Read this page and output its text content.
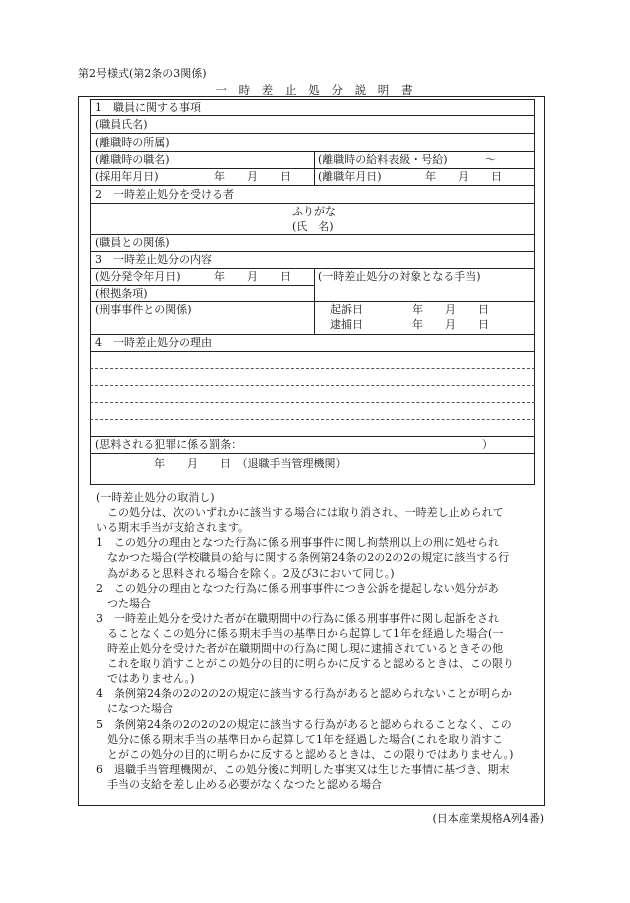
第2号様式(第2条の3関係)
一　時　差　止　処　分　説　明　書
1　職員に関する事項
(職員氏名)
(離職時の所属)
(離職時の職名)	(離職時の給料表級・号給)	～
(採用年月日)	年　　月　　日 (離職年月日)	年　　月　　日
2　一時差止処分を受ける者
ふりがな
(氏　名)
(職員との関係)
3　一時差止処分の内容
(処分発令年月日)	年　　月　　日 (一時差止処分の対象となる手当)
(根拠条項)
(刑事事件との関係)	起訴日	年　　月　　日
逮捕日	年　　月　　日
4　一時差止処分の理由
(思料される犯罪に係る罰条：	）
年　　月　　日　（退職手当管理機関）
(一時差止処分の取消し)
　この処分は、次のいずれかに該当する場合には取り消され、一時差し止められて
いる期末手当が支給されます。
1　この処分の理由となつた行為に係る刑事事件に関し拘禁刑以上の刑に処せられ
　なかつた場合(学校職員の給与に関する条例第24条の2の2の2の規定に該当する行
　為があると思料される場合を除く。2及び3において同じ。)
2　この処分の理由となつた行為に係る刑事事件につき公訴を提起しない処分があ
　つた場合
3　一時差止処分を受けた者が在職期間中の行為に係る刑事事件に関し起訴をされ
　ることなくこの処分に係る期末手当の基準日から起算して1年を経過した場合(一
　時差止処分を受けた者が在職期間中の行為に関し現に逮捕されているときその他
　これを取り消すことがこの処分の目的に明らかに反すると認めるときは、この限り
　ではありません。)
4　条例第24条の2の2の2の規定に該当する行為があると認められないことが明らか
　になつた場合
5　条例第24条の2の2の2の規定に該当する行為があると認められることなく、この
　処分に係る期末手当の基準日から起算して1年を経過した場合(これを取り消すこ
　とがこの処分の目的に明らかに反すると認めるときは、この限りではありません。)
6　退職手当管理機関が、この処分後に判明した事実又は生じた事情に基づき、期末
　手当の支給を差し止める必要がなくなつたと認める場合
(日本産業規格A列4番)
